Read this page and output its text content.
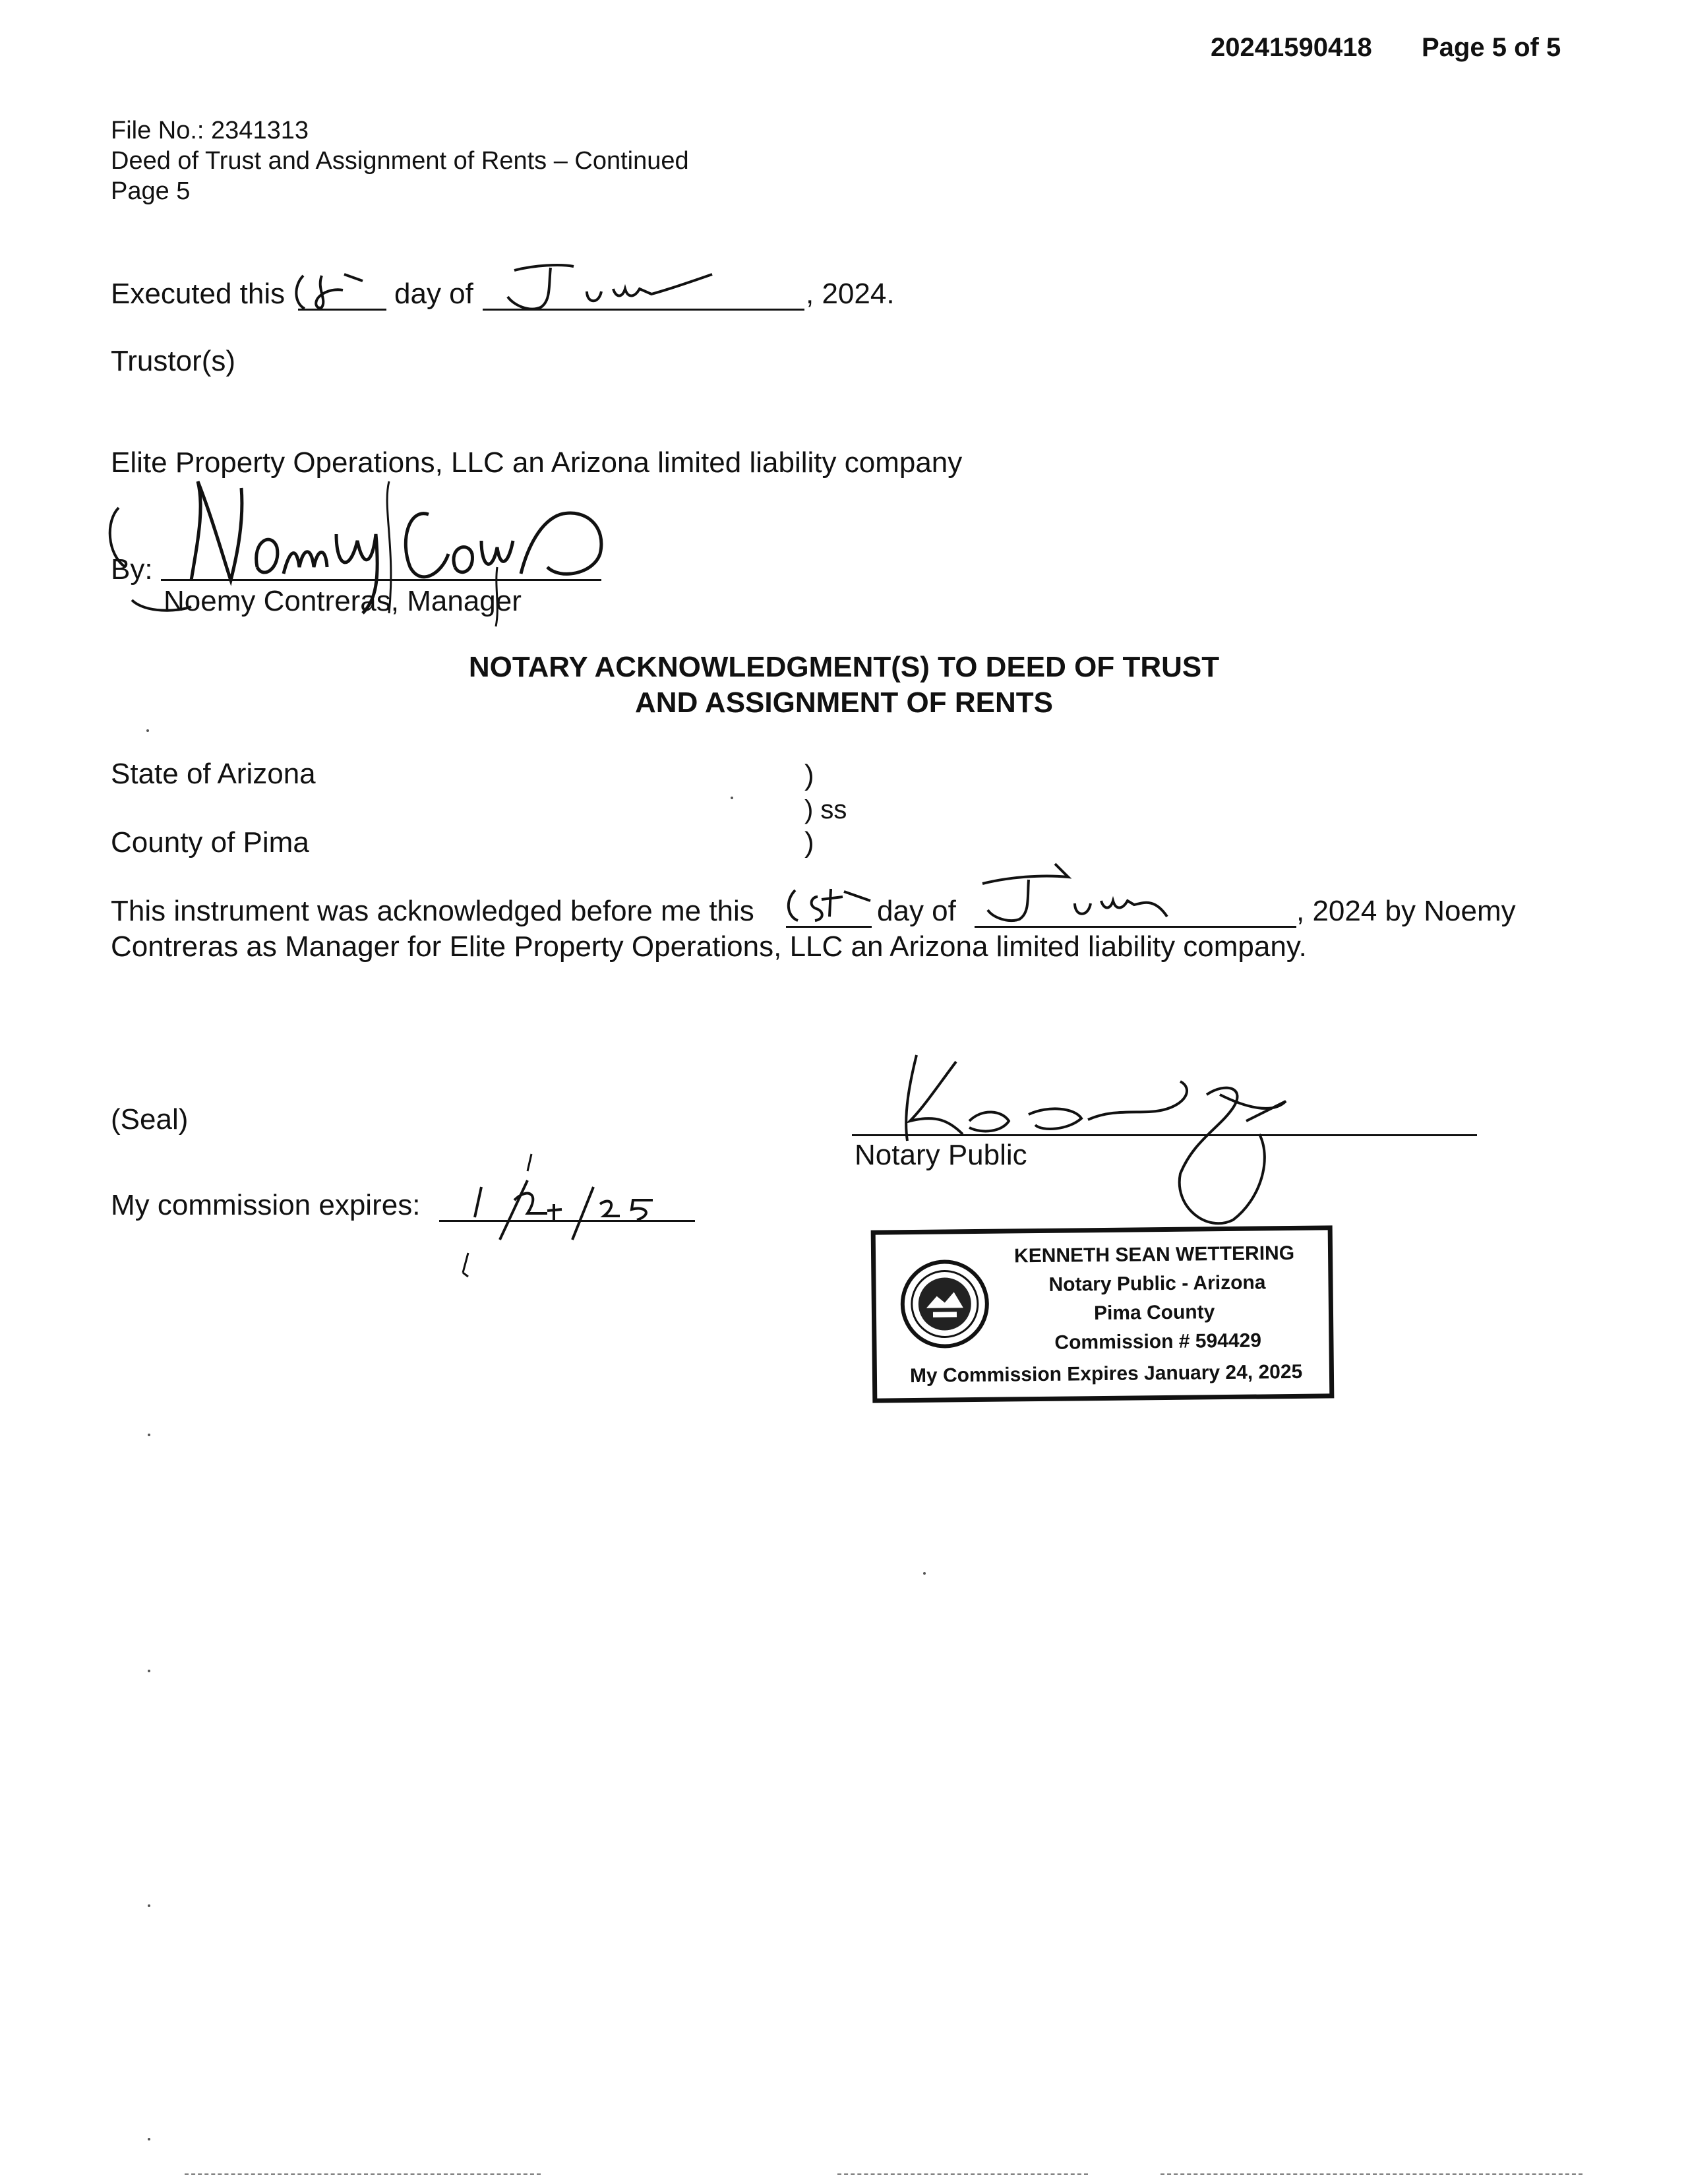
20241590418 Page 5 of 5
File No.: 2341313
Deed of Trust and Assignment of Rents – Continued
Page 5
Executed this	day of	, 2024.
Trustor(s)
Elite Property Operations, LLC an Arizona limited liability company
By:
Noemy Contreras, Manager
NOTARY ACKNOWLEDGMENT(S) TO DEED OF TRUST
AND ASSIGNMENT OF RENTS
State of Arizona	)
) ss
County of Pima	)
This instrument was acknowledged before me this	day of	, 2024 by Noemy
Contreras as Manager for Elite Property Operations, LLC an Arizona limited liability company.
(Seal)
My commission expires:
Notary Public
KENNETH SEAN WETTERING
Notary Public - Arizona
Pima County
Commission # 594429
My Commission Expires January 24, 2025
